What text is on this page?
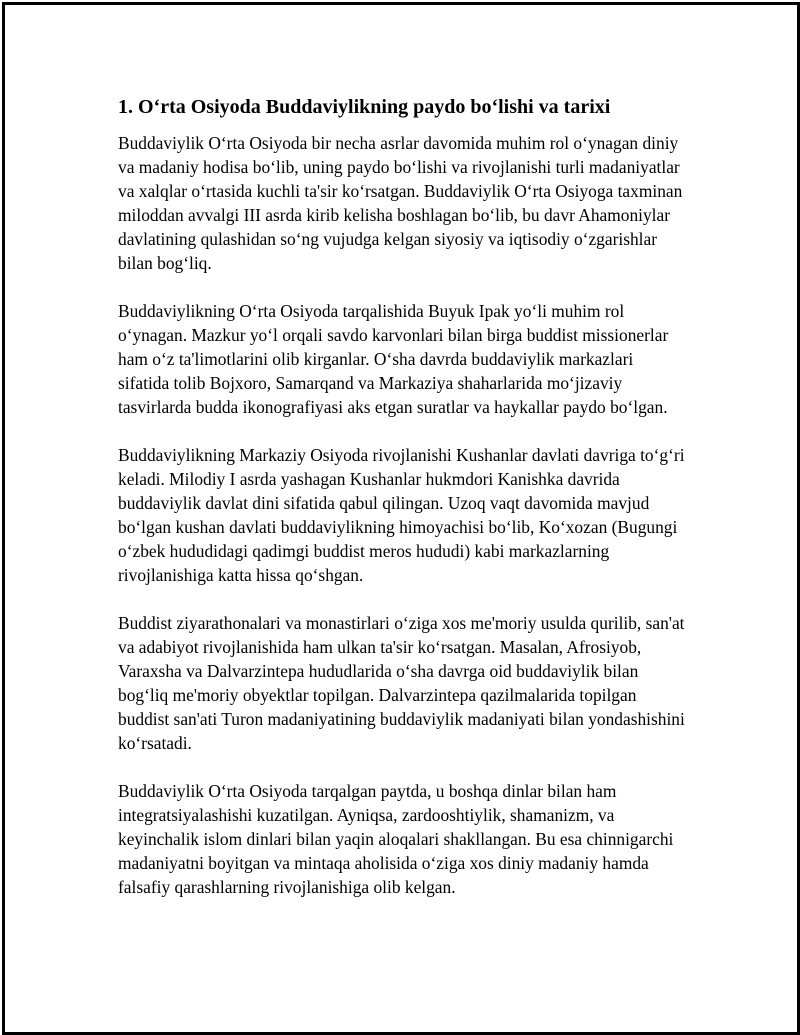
1. O‘rta Osiyoda Buddaviylikning paydo bo‘lishi va tarixi

Buddaviylik O‘rta Osiyoda bir necha asrlar davomida muhim rol o‘ynagan diniy va madaniy hodisa bo‘lib, uning paydo bo‘lishi va rivojlanishi turli madaniyatlar va xalqlar o‘rtasida kuchli ta'sir ko‘rsatgan. Buddaviylik O‘rta Osiyoga taxminan miloddan avvalgi III asrda kirib kelisha boshlagan bo‘lib, bu davr Ahamoniylar davlatining qulashidan so‘ng vujudga kelgan siyosiy va iqtisodiy o‘zgarishlar bilan bog‘liq.

Buddaviylikning O‘rta Osiyoda tarqalishida Buyuk Ipak yo‘li muhim rol o‘ynagan. Mazkur yo‘l orqali savdo karvonlari bilan birga buddist missionerlar ham o‘z ta'limotlarini olib kirganlar. O‘sha davrda buddaviylik markazlari sifatida tolib Bojxoro, Samarqand va Markaziya shaharlarida mo‘jizaviy tasvirlarda budda ikonografiyasi aks etgan suratlar va haykallar paydo bo‘lgan.

Buddaviylikning Markaziy Osiyoda rivojlanishi Kushanlar davlati davriga to‘g‘ri keladi. Milodiy I asrda yashagan Kushanlar hukmdori Kanishka davrida buddaviylik davlat dini sifatida qabul qilingan. Uzoq vaqt davomida mavjud bo‘lgan kushan davlati buddaviylikning himoyachisi bo‘lib, Ko‘xozan (Bugungi o‘zbek hududidagi qadimgi buddist meros hududi) kabi markazlarning rivojlanishiga katta hissa qo‘shgan.

Buddist ziyarathonalari va monastirlari o‘ziga xos me'moriy usulda qurilib, san'at va adabiyot rivojlanishida ham ulkan ta'sir ko‘rsatgan. Masalan, Afrosiyob, Varaxsha va Dalvarzintepa hududlarida o‘sha davrga oid buddaviylik bilan bog‘liq me'moriy obyektlar topilgan. Dalvarzintepa qazilmalarida topilgan buddist san'ati Turon madaniyatining buddaviylik madaniyati bilan yondashishini ko‘rsatadi.

Buddaviylik O‘rta Osiyoda tarqalgan paytda, u boshqa dinlar bilan ham integratsiyalashishi kuzatilgan. Ayniqsa, zardooshtiylik, shamanizm, va keyinchalik islom dinlari bilan yaqin aloqalari shakllangan. Bu esa chinnigarchi madaniyatni boyitgan va mintaqa aholisida o‘ziga xos diniy madaniy hamda falsafiy qarashlarning rivojlanishiga olib kelgan.
